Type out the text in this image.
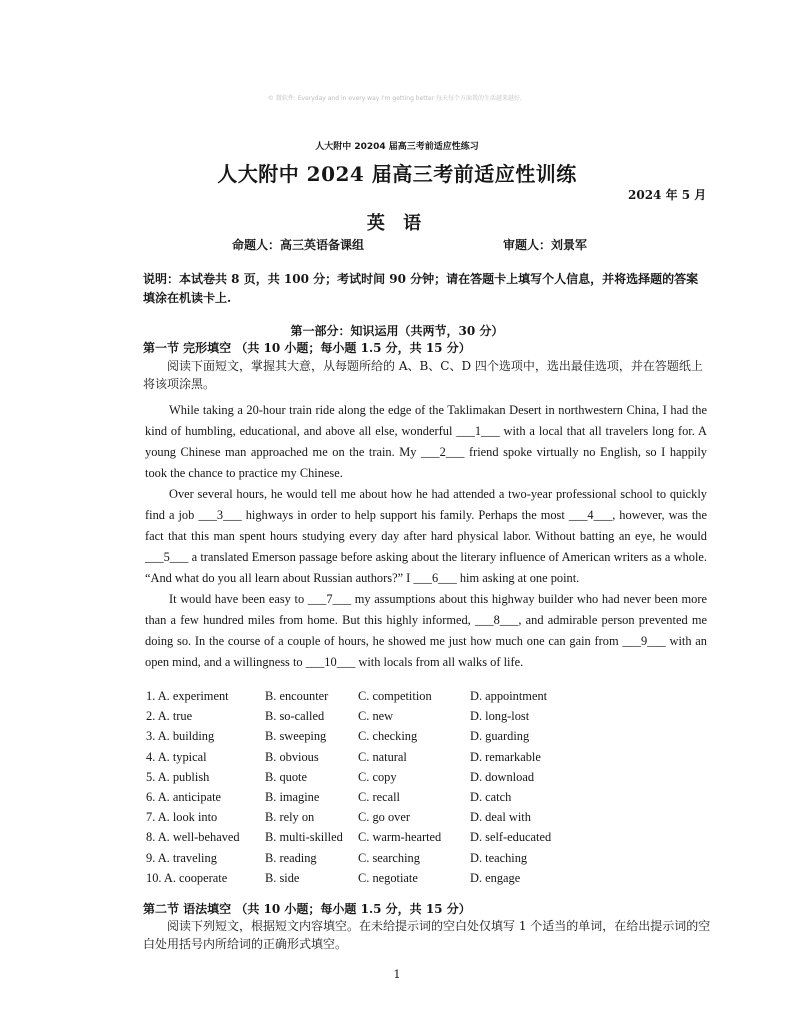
© 微软件: Everyday and in every way I'm getting better 每天每个方面我的生活越来越好。
人大附中 20204 届高三考前适应性练习
人大附中 2024 届高三考前适应性训练
2024 年 5 月
英 语
命题人：高三英语备课组	审题人：刘景军
说明：本试卷共 8 页，共 100 分；考试时间 90 分钟；请在答题卡上填写个人信息，并将选择题的答案填涂在机读卡上.
第一部分：知识运用（共两节，30 分）
第一节 完形填空 （共 10 小题；每小题 1.5 分，共 15 分）
阅读下面短文，掌握其大意，从每题所给的 A、B、C、D 四个选项中，选出最佳选项，并在答题纸上将该项涂黑。

While taking a 20-hour train ride along the edge of the Taklimakan Desert in northwestern China, I had the kind of humbling, educational, and above all else, wonderful ___1___ with a local that all travelers long for. A young Chinese man approached me on the train. My ___2___ friend spoke virtually no English, so I happily took the chance to practice my Chinese.

Over several hours, he would tell me about how he had attended a two-year professional school to quickly find a job ___3___ highways in order to help support his family. Perhaps the most ___4___, however, was the fact that this man spent hours studying every day after hard physical labor. Without batting an eye, he would ___5___ a translated Emerson passage before asking about the literary influence of American writers as a whole. “And what do you all learn about Russian authors?” I ___6___ him asking at one point.

It would have been easy to ___7___ my assumptions about this highway builder who had never been more than a few hundred miles from home. But this highly informed, ___8___, and admirable person prevented me doing so. In the course of a couple of hours, he showed me just how much one can gain from ___9___ with an open mind, and a willingness to ___10___ with locals from all walks of life.

1. A. experiment	B. encounter C. competition	D. appointment
2. A. true	B. so-called	C. new	D. long-lost
3. A. building	B. sweeping	C. checking	D. guarding
4. A. typical	B. obvious	C. natural	D. remarkable
5. A. publish	B. quote	C. copy	D. download
6. A. anticipate	B. imagine	C. recall	D. catch
7. A. look into	B. rely on	C. go over	D. deal with
8. A. well-behaved B. multi-skilled C. warm-hearted D. self-educated
9. A. traveling	B. reading	C. searching	D. teaching
10. A. cooperate	B. side	C. negotiate	D. engage
第二节 语法填空 （共 10 小题；每小题 1.5 分，共 15 分）
阅读下列短文，根据短文内容填空。在未给提示词的空白处仅填写 1 个适当的单词，在给出提示词的空白处用括号内所给词的正确形式填空。
1
